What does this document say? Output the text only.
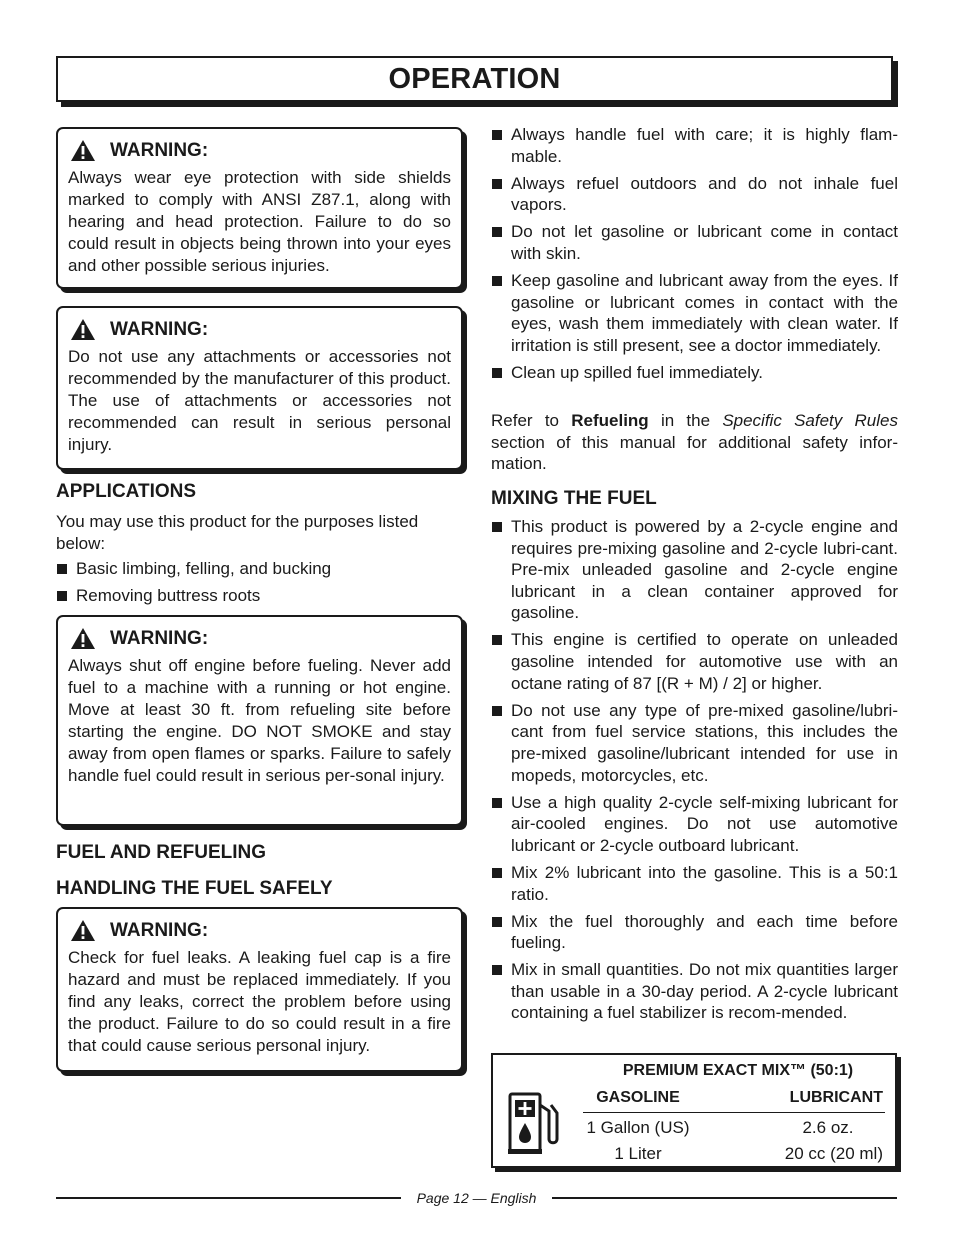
OPERATION
WARNING:
Always wear eye protection with side shields marked to comply with ANSI Z87.1, along with hearing and head protection. Failure to do so could result in objects being thrown into your eyes and other possible serious injuries.
WARNING:
Do not use any attachments or accessories not recommended by the manufacturer of this product. The use of attachments or accessories not recommended can result in serious personal injury.
APPLICATIONS
You may use this product for the purposes listed below:
Basic limbing, felling, and bucking
Removing buttress roots
WARNING:
Always shut off engine before fueling. Never add fuel to a machine with a running or hot engine. Move at least 30 ft. from refueling site before starting the engine. DO NOT SMOKE and stay away from open flames or sparks. Failure to safely handle fuel could result in serious per-sonal injury.
FUEL AND REFUELING
HANDLING THE FUEL SAFELY
WARNING:
Check for fuel leaks. A leaking fuel cap is a fire hazard and must be replaced immediately. If you find any leaks, correct the problem before using the product. Failure to do so could result in a fire that could cause serious personal injury.
Always handle fuel with care; it is highly flam-mable.
Always refuel outdoors and do not inhale fuel vapors.
Do not let gasoline or lubricant come in contact with skin.
Keep gasoline and lubricant away from the eyes. If gasoline or lubricant comes in contact with the eyes, wash them immediately with clean water. If irritation is still present, see a doctor immediately.
Clean up spilled fuel immediately.
Refer to Refueling in the Specific Safety Rules section of this manual for additional safety infor-mation.
MIXING THE FUEL
This product is powered by a 2-cycle engine and requires pre-mixing gasoline and 2-cycle lubri-cant. Pre-mix unleaded gasoline and 2-cycle engine lubricant in a clean container approved for gasoline.
This engine is certified to operate on unleaded gasoline intended for automotive use with an octane rating of 87 [(R + M) / 2] or higher.
Do not use any type of pre-mixed gasoline/lubri-cant from fuel service stations, this includes the pre-mixed gasoline/lubricant intended for use in mopeds, motorcycles, etc.
Use a high quality 2-cycle self-mixing lubricant for air-cooled engines. Do not use automotive lubricant or 2-cycle outboard lubricant.
Mix 2% lubricant into the gasoline. This is a 50:1 ratio.
Mix the fuel thoroughly and each time before fueling.
Mix in small quantities. Do not mix quantities larger than usable in a 30-day period. A 2-cycle lubricant containing a fuel stabilizer is recom-mended.
PREMIUM EXACT MIX™ (50:1)
GASOLINE	LUBRICANT
1 Gallon (US)	2.6 oz.
1 Liter	20 cc (20 ml)
Page 12 — English
